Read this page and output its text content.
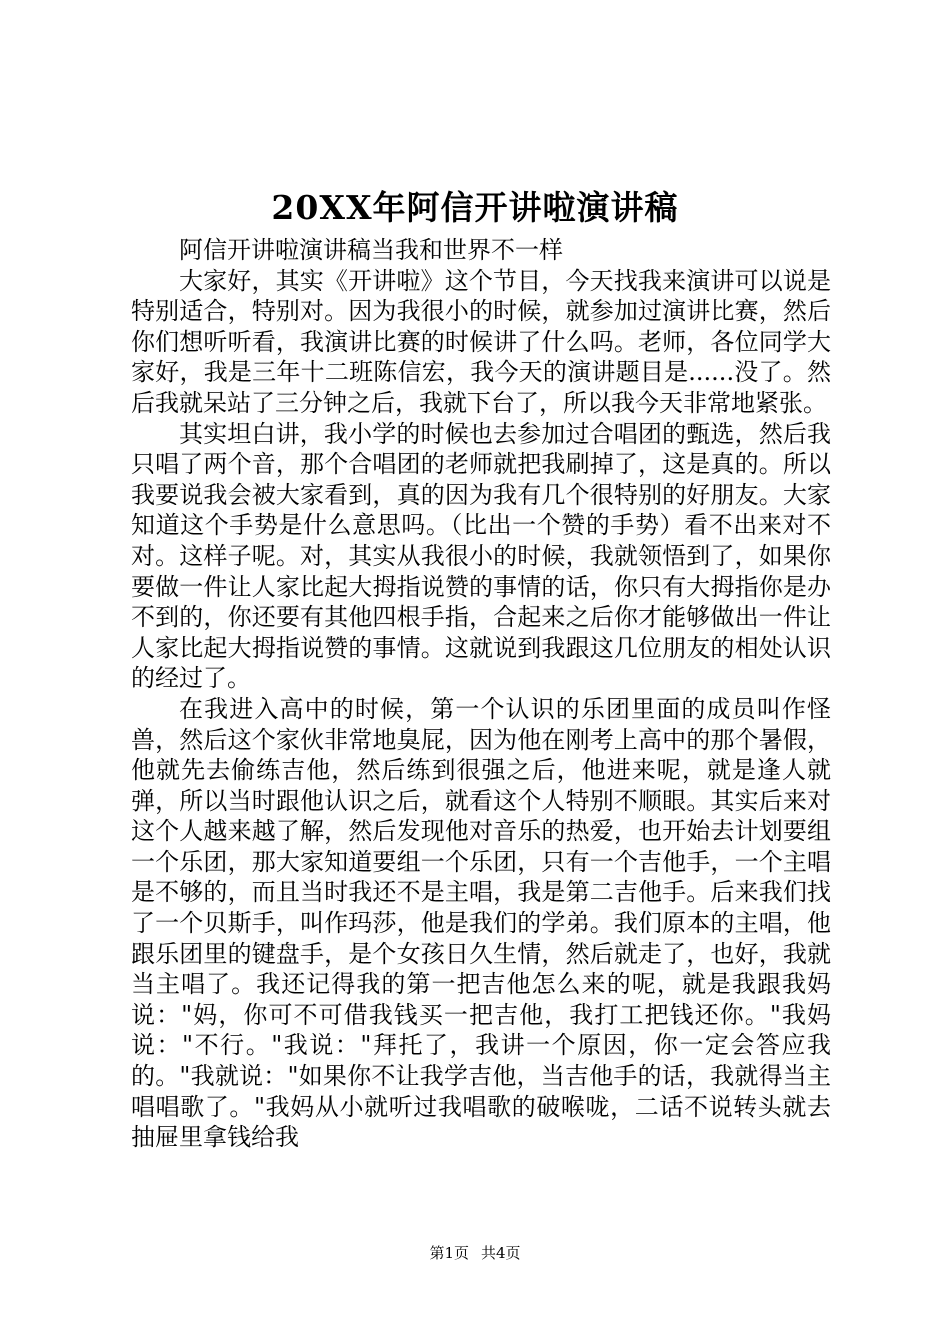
20XX年阿信开讲啦演讲稿

阿信开讲啦演讲稿当我和世界不一样

大家好，其实《开讲啦》这个节目，今天找我来演讲可以说是特别适合，特别对。因为我很小的时候，就参加过演讲比赛，然后你们想听听看，我演讲比赛的时候讲了什么吗。老师，各位同学大家好，我是三年十二班陈信宏，我今天的演讲题目是......没了。然后我就呆站了三分钟之后，我就下台了，所以我今天非常地紧张。

其实坦白讲，我小学的时候也去参加过合唱团的甄选，然后我只唱了两个音，那个合唱团的老师就把我刷掉了，这是真的。所以我要说我会被大家看到，真的因为我有几个很特别的好朋友。大家知道这个手势是什么意思吗。（比出一个赞的手势）看不出来对不对。这样子呢。对，其实从我很小的时候，我就领悟到了，如果你要做一件让人家比起大拇指说赞的事情的话，你只有大拇指你是办不到的，你还要有其他四根手指，合起来之后你才能够做出一件让人家比起大拇指说赞的事情。这就说到我跟这几位朋友的相处认识的经过了。

在我进入高中的时候，第一个认识的乐团里面的成员叫作怪兽，然后这个家伙非常地臭屁，因为他在刚考上高中的那个暑假，他就先去偷练吉他，然后练到很强之后，他进来呢，就是逢人就弹，所以当时跟他认识之后，就看这个人特别不顺眼。其实后来对这个人越来越了解，然后发现他对音乐的热爱，也开始去计划要组一个乐团，那大家知道要组一个乐团，只有一个吉他手，一个主唱是不够的，而且当时我还不是主唱，我是第二吉他手。后来我们找了一个贝斯手，叫作玛莎，他是我们的学弟。我们原本的主唱，他跟乐团里的键盘手，是个女孩日久生情，然后就走了，也好，我就当主唱了。我还记得我的第一把吉他怎么来的呢，就是我跟我妈说："妈，你可不可借我钱买一把吉他，我打工把钱还你。"我妈说："不行。"我说："拜托了，我讲一个原因，你一定会答应我的。"我就说："如果你不让我学吉他，当吉他手的话，我就得当主唱唱歌了。"我妈从小就听过我唱歌的破喉咙，二话不说转头就去抽屉里拿钱给我

第1页 共4页
